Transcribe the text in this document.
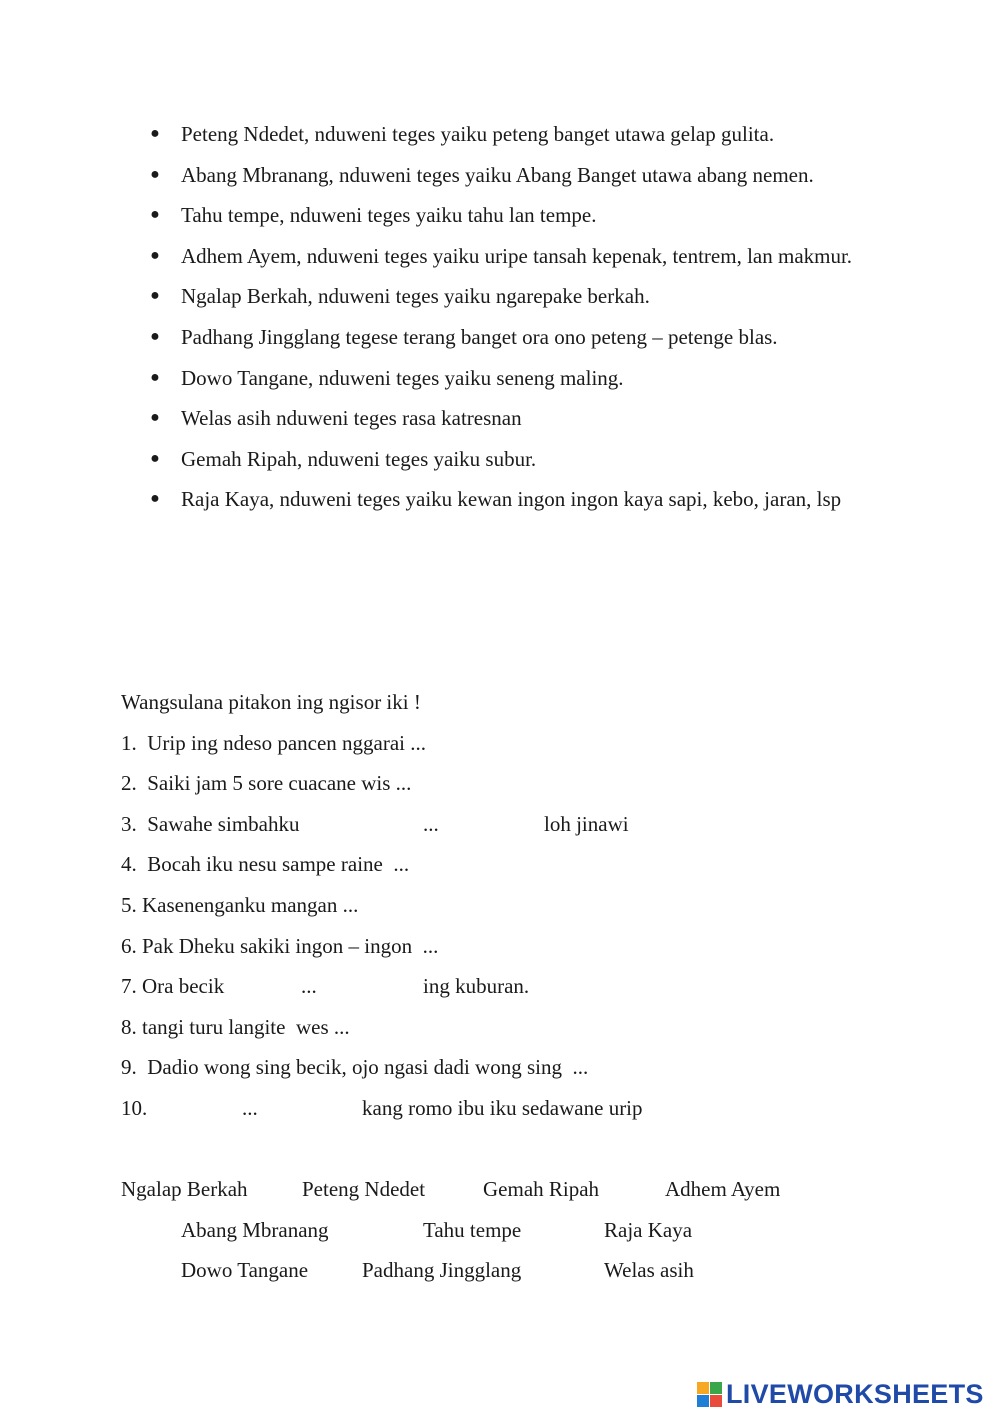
● Peteng Ndedet, nduweni teges yaiku peteng banget utawa gelap gulita.
● Abang Mbranang, nduweni teges yaiku Abang Banget utawa abang nemen.
● Tahu tempe, nduweni teges yaiku tahu lan tempe.
● Adhem Ayem, nduweni teges yaiku uripe tansah kepenak, tentrem, lan makmur.
● Ngalap Berkah, nduweni teges yaiku ngarepake berkah.
● Padhang Jingglang tegese terang banget ora ono peteng – petenge blas.
● Dowo Tangane, nduweni teges yaiku seneng maling.
● Welas asih nduweni teges rasa katresnan
● Gemah Ripah, nduweni teges yaiku subur.
● Raja Kaya, nduweni teges yaiku kewan ingon ingon kaya sapi, kebo, jaran, lsp
Wangsulana pitakon ing ngisor iki !
1.  Urip ing ndeso pancen nggarai ...
2.  Saiki jam 5 sore cuacane wis ...
3.  Sawahe simbahku	...	loh jinawi
4.  Bocah iku nesu sampe raine  ...
5. Kasenenganku mangan ...
6. Pak Dheku sakiki ingon – ingon  ...
7. Ora becik	...	ing kuburan.
8. tangi turu langite  wes ...
9.  Dadio wong sing becik, ojo ngasi dadi wong sing  ...
10.	...	kang romo ibu iku sedawane urip
Ngalap Berkah	Peteng Ndedet	Gemah Ripah	Adhem Ayem
Abang Mbranang	Tahu tempe	Raja Kaya
Dowo Tangane	Padhang Jingglang	Welas asih
LIVEWORKSHEETS
